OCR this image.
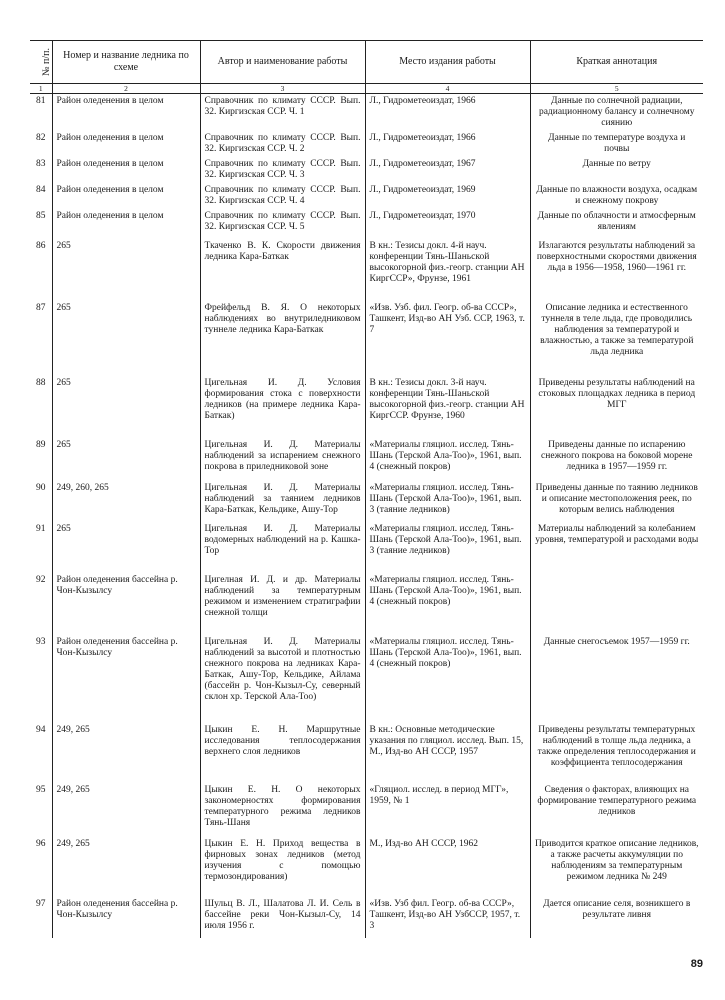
№ п/п.	Номер и название ледника по схеме	Автор и наименование работы	Место издания работы	Краткая аннотация
1	2	3	4	5
81	Район оледенения в целом	Справочник по климату СССР. Вып. 32. Киргизская ССР. Ч. 1	Л., Гидрометеоиздат, 1966	Данные по солнечной радиации, радиационному балансу и солнечному сиянию
82	Район оледенения в целом	Справочник по климату СССР. Вып. 32. Киргизская ССР. Ч. 2	Л., Гидрометеоиздат, 1966	Данные по температуре воздуха и почвы
83	Район оледенения в целом	Справочник по климату СССР. Вып. 32. Киргизская ССР. Ч. 3	Л., Гидрометеоиздат, 1967	Данные по ветру
84	Район оледенения в целом	Справочник по климату СССР. Вып. 32. Киргизская ССР. Ч. 4	Л., Гидрометеоиздат, 1969	Данные по влажности воздуха, осадкам и снежному покрову
85	Район оледенения в целом	Справочник по климату СССР. Вып. 32. Киргизская ССР. Ч. 5	Л., Гидрометеоиздат, 1970	Данные по облачности и атмосферным явлениям
86	265	Ткаченко В. К. Скорости движения ледника Кара-Баткак	В кн.: Тезисы докл. 4-й науч. конференции Тянь-Шаньской высокогорной физ.-геогр. станции АН КиргССР», Фрунзе, 1961	Излагаются результаты наблюдений за поверхностными скоростями движения льда в 1956—1958, 1960—1961 гг.
87	265	Фрейфельд В. Я. О некоторых наблюдениях во внутриледниковом туннеле ледника Кара-Баткак	«Изв. Узб. фил. Геогр. об-ва СССР», Ташкент, Изд-во АН Узб. ССР, 1963, т. 7	Описание ледника и естественного туннеля в теле льда, где проводились наблюдения за температурой и влажностью, а также за температурой льда ледника
88	265	Цигельная И. Д. Условия формирования стока с поверхности ледников (на примере ледника Кара-Баткак)	В кн.: Тезисы докл. 3-й науч. конференции Тянь-Шаньской высокогорной физ.-геогр. станции АН КиргССР. Фрунзе, 1960	Приведены результаты наблюдений на стоковых площадках ледника в период МГГ
89	265	Цигельная И. Д. Материалы наблюдений за испарением снежного покрова в приледниковой зоне	«Материалы гляциол. исслед. Тянь-Шань (Терской Ала-Тоо)», 1961, вып. 4 (снежный покров)	Приведены данные по испарению снежного покрова на боковой морене ледника в 1957—1959 гг.
90	249, 260, 265	Цигельная И. Д. Материалы наблюдений за таянием ледников Кара-Баткак, Кельдике, Ашу-Тор	«Материалы гляциол. исслед. Тянь-Шань (Терской Ала-Тоо)», 1961, вып. 3 (таяние ледников)	Приведены данные по таянию ледников и описание местоположения реек, по которым велись наблюдения
91	265	Цигельная И. Д. Материалы водомерных наблюдений на р. Кашка-Тор	«Материалы гляциол. исслед. Тянь-Шань (Терской Ала-Тоо)», 1961, вып. 3 (таяние ледников)	Материалы наблюдений за колебанием уровня, температурой и расходами воды
92	Район оледенения бассейна р. Чон-Кызылсу	Цигелная И. Д. и др. Материалы наблюдений за температурным режимом и изменением стратиграфии снежной толщи	«Материалы гляциол. исслед. Тянь-Шань (Терской Ала-Тоо)», 1961, вып. 4 (снежный покров)	
93	Район оледенения бассейна р. Чон-Кызылсу	Цигельная И. Д. Материалы наблюдений за высотой и плотностью снежного покрова на ледниках Кара-Баткак, Ашу-Тор, Кельдике, Айлама (бассейн р. Чон-Кызыл-Су, северный склон хр. Терской Ала-Тоо)	«Материалы гляциол. исслед. Тянь-Шань (Терской Ала-Тоо)», 1961, вып. 4 (снежный покров)	Данные снегосъемок 1957—1959 гг.
94	249, 265	Цыкин Е. Н. Маршрутные исследования теплосодержания верхнего слоя ледников	В кн.: Основные методические указания по гляциол. исслед. Вып. 15, М., Изд-во АН СССР, 1957	Приведены результаты температурных наблюдений в толще льда ледника, а также определения теплосодержания и коэффициента теплосодержания
95	249, 265	Цыкин Е. Н. О некоторых закономерностях формирования температурного режима ледников Тянь-Шаня	«Гляциол. исслед. в период МГГ», 1959, № 1	Сведения о факторах, влияющих на формирование температурного режима ледников
96	249, 265	Цыкин Е. Н. Приход вещества в фирновых зонах ледников (метод изучения с помощью термозондирования)	М., Изд-во АН СССР, 1962	Приводится краткое описание ледников, а также расчеты аккумуляции по наблюдениям за температурным режимом ледника № 249
97	Район оледенения бассейна р. Чон-Кызылсу	Шульц В. Л., Шалатова Л. И. Сель в бассейне реки Чон-Кызыл-Су, 14 июля 1956 г.	«Изв. Узб фил. Геогр. об-ва СССР», Ташкент, Изд-во АН УзбССР, 1957, т. 3	Дается описание селя, возникшего в результате ливня
89
